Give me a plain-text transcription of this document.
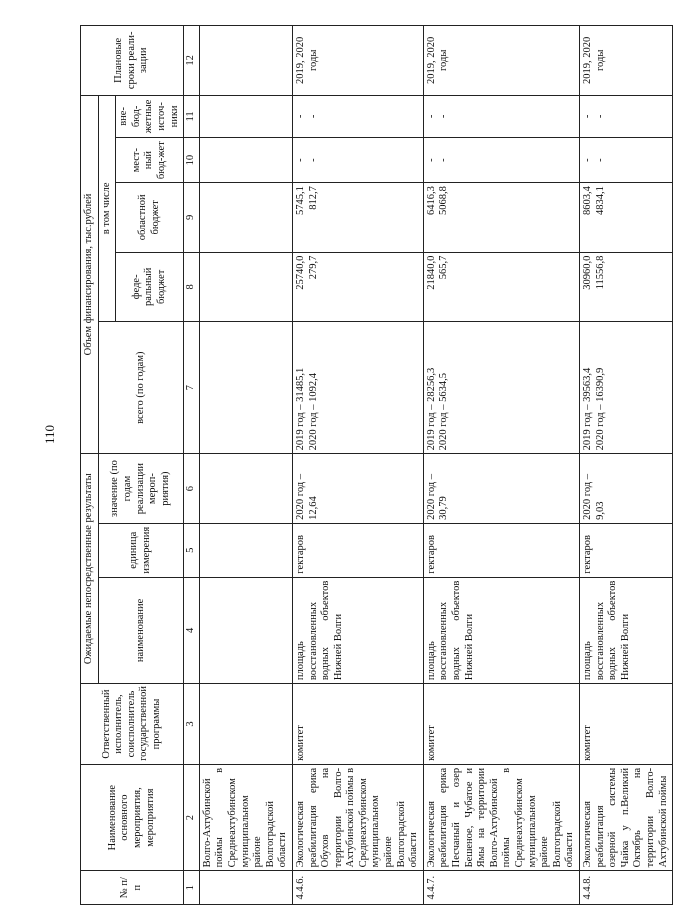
110
№ п/п	Наименование основного мероприятия, мероприятия	Ответственный исполнитель, соисполнитель государственной программы	Ожидаемые непосредственные результаты			Объем финансирования, тыс.рублей					Плановые сроки реали-зации
			наименование	единица измерения	значение (по годам реализации мероп-риятия)	всего (по годам)	в том числе				
							феде-ральный бюджет	областной бюджет	мест-ный бюд-жет	вне-бюд-жетные источ-ники	
1	2	3	4	5	6	7	8	9	10	11	12
	Волго-Ахтубинской поймы в Среднеахтубинском муниципальном районе Волгоградской области										
4.4.6.	Экологическая реабилитация ерика Обухов на территории Волго-Ахтубинской поймы в Среднеахтубинском муниципальном районе Волгоградской области	комитет	площадь восстановленных водных объектов Нижней Волги	гектаров	2020 год – 12,64	2019 год – 31485,1 2020 год – 1092,4	25740,0 279,7	5745,1 812,7	- -	- -	2019, 2020 годы
4.4.7.	Экологическая реабилитация ерика Песчаный и озер Бешеное, Чубатое и Ямы на территории Волго-Ахтубинской поймы в Среднеахтубинском муниципальном районе Волгоградской области	комитет	площадь восстановленных водных объектов Нижней Волги	гектаров	2020 год – 30,79	2019 год – 28256,3 2020 год – 5634,5	21840,0 565,7	6416,3 5068,8	- -	- -	2019, 2020 годы
4.4.8.	Экологическая реабилитация озерной системы Чайка у п.Великий Октябрь на территории Волго-Ахтубинской поймы	комитет	площадь восстановленных водных объектов Нижней Волги	гектаров	2020 год – 9,03	2019 год – 39563,4 2020 год – 16390,9	30960,0 11556,8	8603,4 4834,1	- -	- -	2019, 2020 годы
